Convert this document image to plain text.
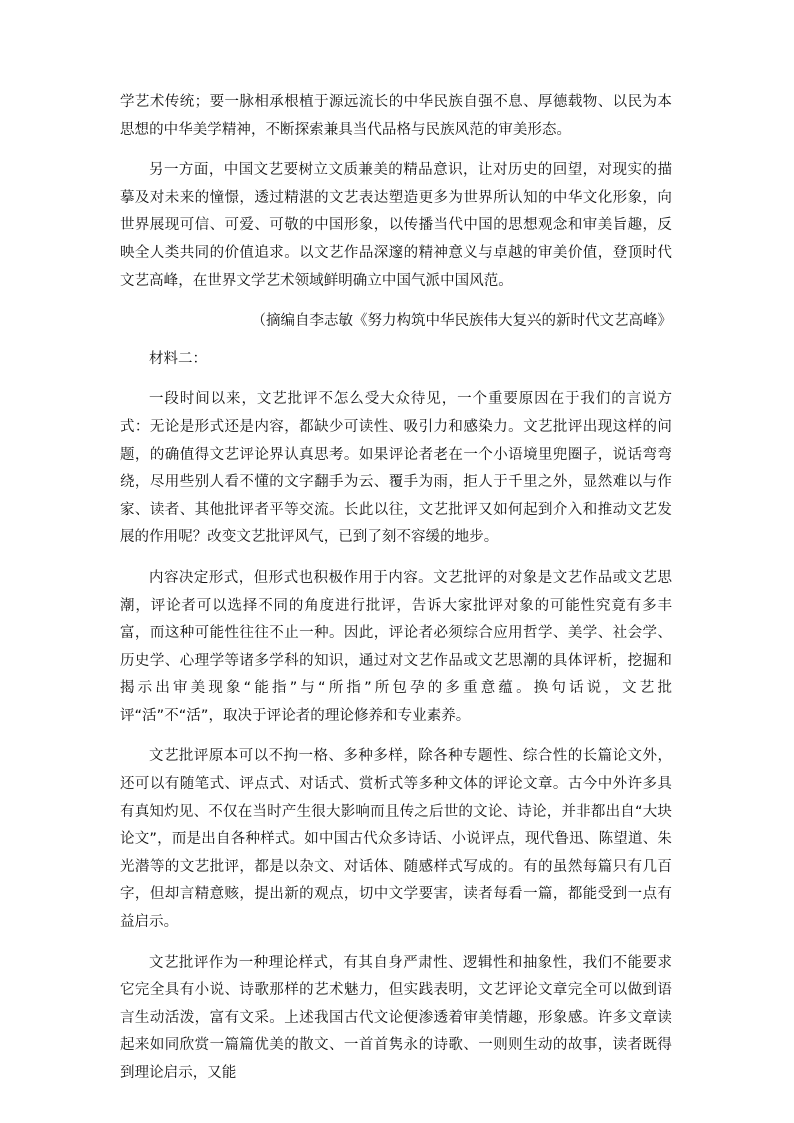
学艺术传统；要一脉相承根植于源远流长的中华民族自强不息、厚德载物、以民为本思想的中华美学精神，不断探索兼具当代品格与民族风范的审美形态。

另一方面，中国文艺要树立文质兼美的精品意识，让对历史的回望，对现实的描摹及对未来的憧憬，透过精湛的文艺表达塑造更多为世界所认知的中华文化形象，向世界展现可信、可爱、可敬的中国形象，以传播当代中国的思想观念和审美旨趣，反映全人类共同的价值追求。以文艺作品深邃的精神意义与卓越的审美价值，登顶时代文艺高峰，在世界文学艺术领域鲜明确立中国气派中国风范。

（摘编自李志敏《努力构筑中华民族伟大复兴的新时代文艺高峰》

材料二：

一段时间以来，文艺批评不怎么受大众待见，一个重要原因在于我们的言说方式：无论是形式还是内容，都缺少可读性、吸引力和感染力。文艺批评出现这样的问题，的确值得文艺评论界认真思考。如果评论者老在一个小语境里兜圈子，说话弯弯绕，尽用些别人看不懂的文字翻手为云、覆手为雨，拒人于千里之外，显然难以与作家、读者、其他批评者平等交流。长此以往，文艺批评又如何起到介入和推动文艺发展的作用呢？改变文艺批评风气，已到了刻不容缓的地步。

内容决定形式，但形式也积极作用于内容。文艺批评的对象是文艺作品或文艺思潮，评论者可以选择不同的角度进行批评，告诉大家批评对象的可能性究竟有多丰富，而这种可能性往往不止一种。因此，评论者必须综合应用哲学、美学、社会学、历史学、心理学等诸多学科的知识，通过对文艺作品或文艺思潮的具体评析，挖掘和揭示出审美现象“能指”与“所指”所包孕的多重意蕴。换句话说，文艺批评“活”不“活”，取决于评论者的理论修养和专业素养。

文艺批评原本可以不拘一格、多种多样，除各种专题性、综合性的长篇论文外，还可以有随笔式、评点式、对话式、赏析式等多种文体的评论文章。古今中外许多具有真知灼见、不仅在当时产生很大影响而且传之后世的文论、诗论，并非都出自“大块论文”，而是出自各种样式。如中国古代众多诗话、小说评点，现代鲁迅、陈望道、朱光潜等的文艺批评，都是以杂文、对话体、随感样式写成的。有的虽然每篇只有几百字，但却言精意赅，提出新的观点，切中文学要害，读者每看一篇，都能受到一点有益启示。

文艺批评作为一种理论样式，有其自身严肃性、逻辑性和抽象性，我们不能要求它完全具有小说、诗歌那样的艺术魅力，但实践表明，文艺评论文章完全可以做到语言生动活泼，富有文采。上述我国古代文论便渗透着审美情趣，形象感。许多文章读起来如同欣赏一篇篇优美的散文、一首首隽永的诗歌、一则则生动的故事，读者既得到理论启示，又能
